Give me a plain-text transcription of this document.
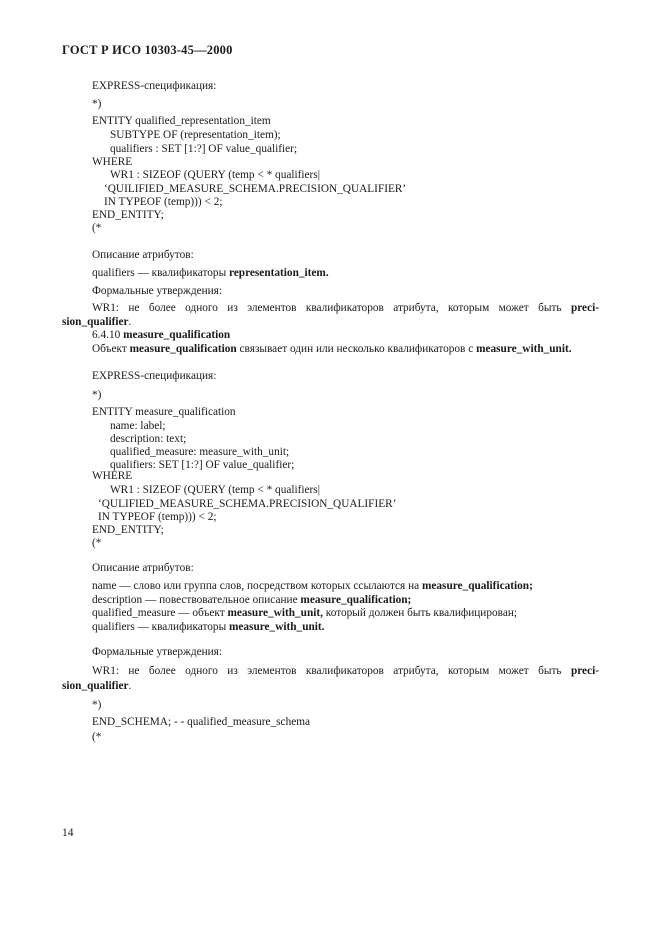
ГОСТ Р ИСО 10303-45—2000
EXPRESS-спецификация:
*)
ENTITY qualified_representation_item
SUBTYPE OF (representation_item);
qualifiers : SET [1:?] OF value_qualifier;
WHERE
WR1 : SIZEOF (QUERY (temp < * qualifiers|
‘QUILIFIED_MEASURE_SCHEMA.PRECISION_QUALIFIER’
IN TYPEOF (temp))) < 2;
END_ENTITY;
(*
Описание атрибутов:
qualifiers — квалификаторы representation_item.
Формальные утверждения:
WR1: не более одного из элементов квалификаторов атрибута, которым может быть preci-
sion_qualifier.
6.4.10 measure_qualification
Объект measure_qualification связывает один или несколько квалификаторов с measure_with_unit.
EXPRESS-спецификация:
*)
ENTITY measure_qualification
name: label;
description: text;
qualified_measure: measure_with_unit;
qualifiers: SET [1:?] OF value_qualifier;
WHERE
WR1 : SIZEOF (QUERY (temp < * qualifiers|
‘QULIFIED_MEASURE_SCHEMA.PRECISION_QUALIFIER’
IN TYPEOF (temp))) < 2;
END_ENTITY;
(*
Описание атрибутов:
name — слово или группа слов, посредством которых ссылаются на measure_qualification;
description — повествовательное описание measure_qualification;
qualified_measure — объект measure_with_unit, который должен быть квалифицирован;
qualifiers — квалификаторы measure_with_unit.
Формальные утверждения:
WR1: не более одного из элементов квалификаторов атрибута, которым может быть preci-
sion_qualifier.
*)
END_SCHEMA; - - qualified_measure_schema
(*
14
